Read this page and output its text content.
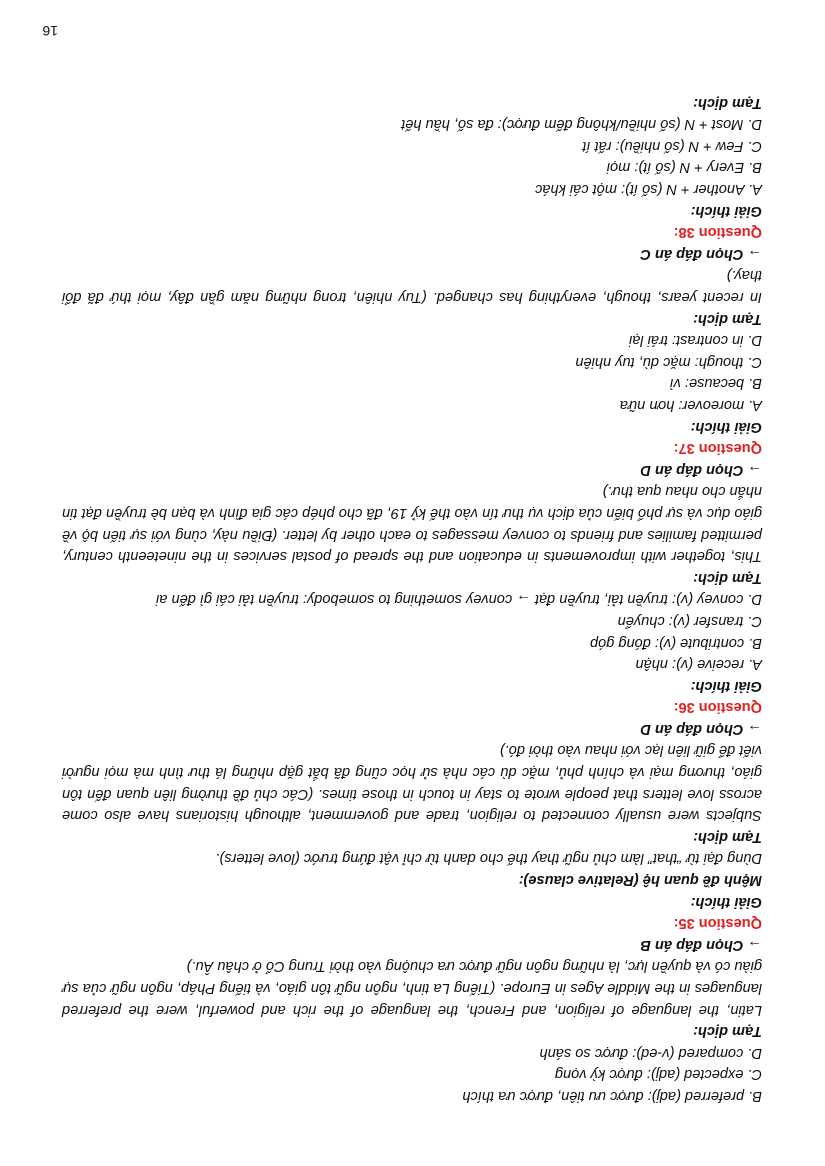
B. preferred (adj): được ưu tiên, được ưa thích
C. expected (adj): được kỳ vọng
D. compared (v-ed): được so sánh
Tạm dịch:
Latin, the language of religion, and French, the language of the rich and powerful, were the preferred languages in the Middle Ages in Europe. (Tiếng La tinh, ngôn ngữ tôn giáo, và tiếng Pháp, ngôn ngữ của sự giàu có và quyền lực, là những ngôn ngữ được ưa chuộng vào thời Trung Cổ ở châu Âu.)
→ Chọn đáp án B
Question 35:
Giải thích:
Mệnh đề quan hệ (Relative clause):
Dùng đại từ “that” làm chủ ngữ thay thế cho danh từ chỉ vật đứng trước (love letters).
Tạm dịch:
Subjects were usually connected to religion, trade and government, although historians have also come across love letters that people wrote to stay in touch in those times. (Các chủ đề thường liên quan đến tôn giáo, thương mại và chính phủ, mặc dù các nhà sử học cũng đã bắt gặp những lá thư tình mà mọi người viết để giữ liên lạc với nhau vào thời đó.)
→ Chọn đáp án D
Question 36:
Giải thích:
A. receive (v): nhận
B. contribute (v): đóng góp
C. transfer (v): chuyển
D. convey (v): truyền tải, truyền đạt → convey something to somebody: truyền tải cái gì đến ai
Tạm dịch:
This, together with improvements in education and the spread of postal services in the nineteenth century, permitted families and friends to convey messages to each other by letter. (Điều này, cùng với sự tiến bộ về giáo dục và sự phổ biến của dịch vụ thư tín vào thế kỷ 19, đã cho phép các gia đình và bạn bè truyền đạt tin nhắn cho nhau qua thư.)
→ Chọn đáp án D
Question 37:
Giải thích:
A. moreover: hơn nữa
B. because: vì
C. though: mặc dù, tuy nhiên
D. in contrast: trái lại
Tạm dịch:
In recent years, though, everything has changed. (Tuy nhiên, trong những năm gần đây, mọi thứ đã đổi thay.)
→ Chọn đáp án C
Question 38:
Giải thích:
A. Another + N (số ít): một cái khác
B. Every + N (số ít): mọi
C. Few + N (số nhiều): rất ít
D. Most + N (số nhiều/không đếm được): đa số, hầu hết
Tạm dịch:
16
